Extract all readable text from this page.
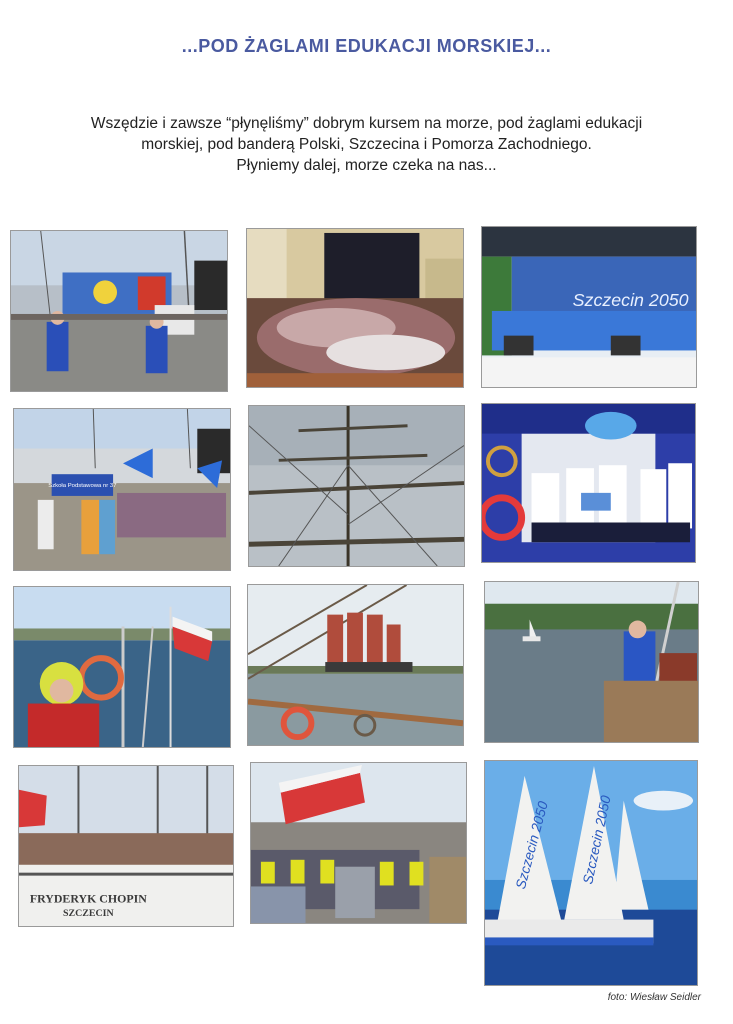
...POD ŻAGLAMI EDUKACJI MORSKIEJ...
Wszędzie i zawsze “płynęliśmy” dobrym kursem na morze, pod żaglami edukacji
morskiej, pod banderą Polski, Szczecina i Pomorza Zachodniego.
Płyniemy dalej, morze czeka na nas...
Szczecin 2050
Szkoła Podstawowa nr 37
FRYDERYK CHOPIN
SZCZECIN
Szczecin 2050 Szczecin 2050
foto: Wiesław Seidler
